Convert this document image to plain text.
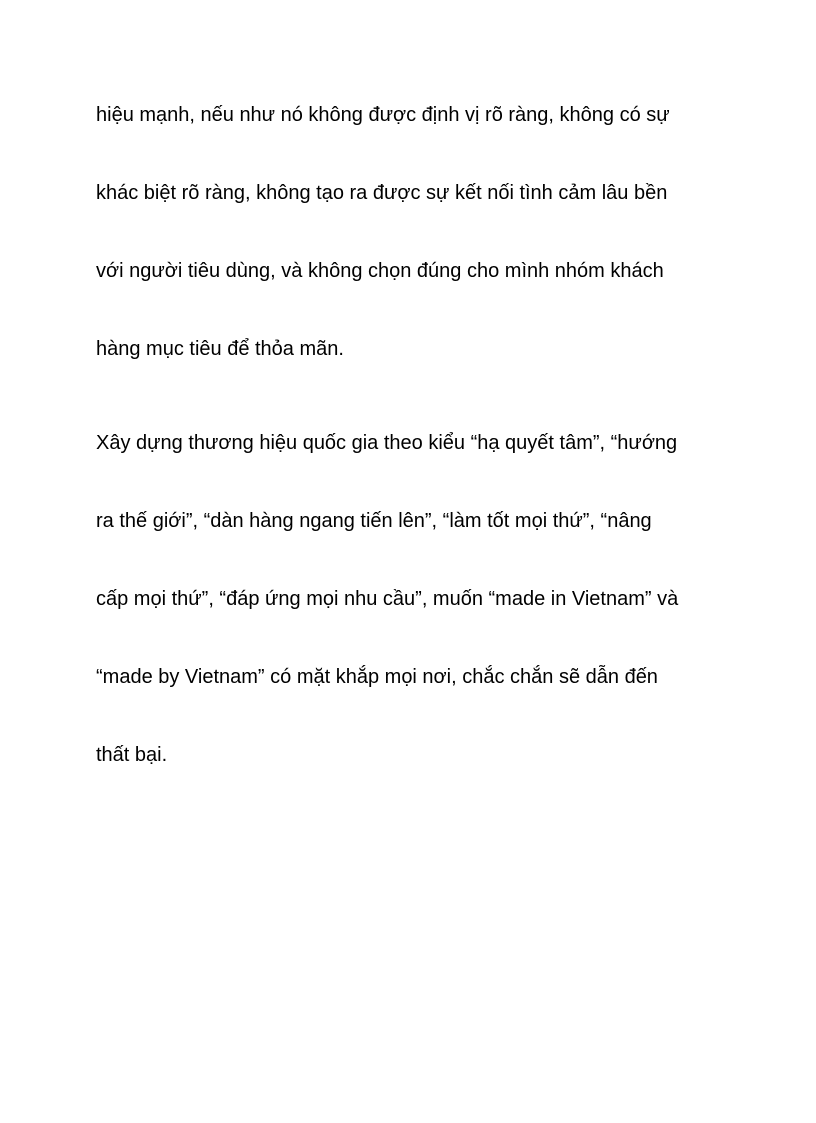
hiệu mạnh, nếu như nó không được định vị rõ ràng, không có sự

khác biệt rõ ràng, không tạo ra được sự kết nối tình cảm lâu bền

với người tiêu dùng, và không chọn đúng cho mình nhóm khách

hàng mục tiêu để thỏa mãn.

Xây dựng thương hiệu quốc gia theo kiểu “hạ quyết tâm”, “hướng

ra thế giới”, “dàn hàng ngang tiến lên”, “làm tốt mọi thứ”, “nâng

cấp mọi thứ”, “đáp ứng mọi nhu cầu”, muốn “made in Vietnam” và

“made by Vietnam” có mặt khắp mọi nơi, chắc chắn sẽ dẫn đến

thất bại.
